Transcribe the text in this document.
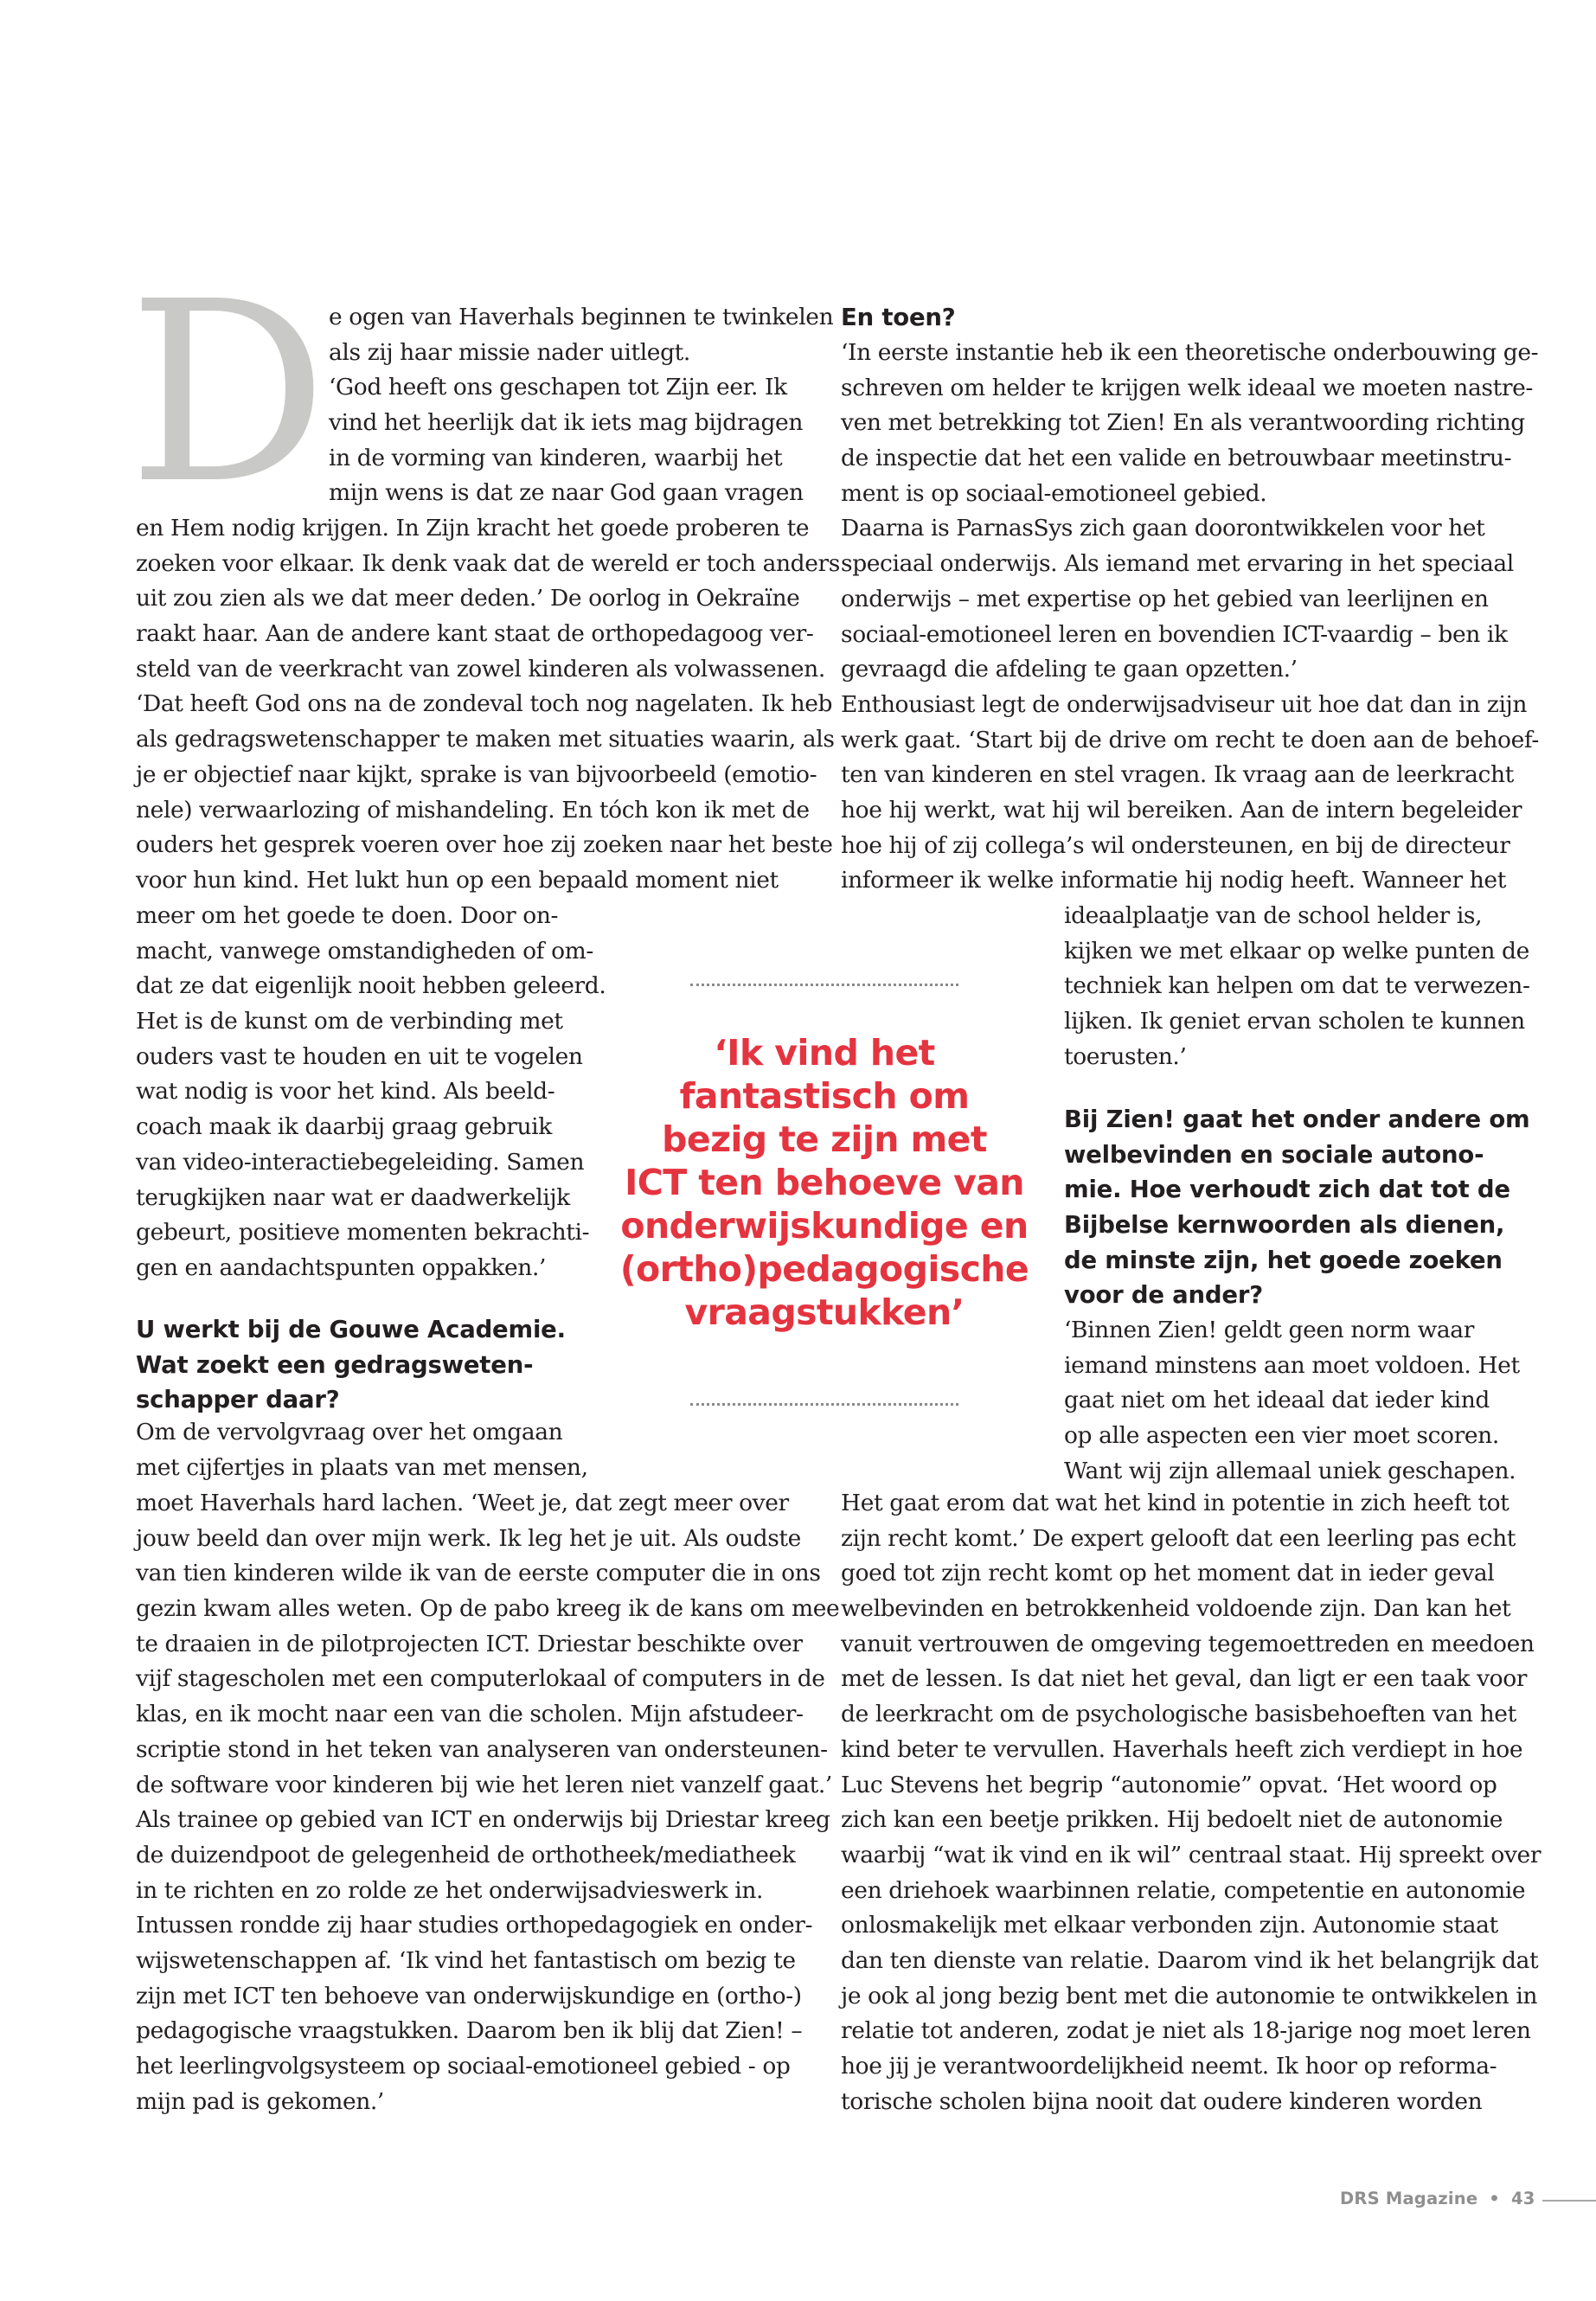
D e ogen van Haverhals beginnen te twinkelen
als zij haar missie nader uitlegt.
‘God heeft ons geschapen tot Zijn eer. Ik
vind het heerlijk dat ik iets mag bijdragen
in de vorming van kinderen, waarbij het
mijn wens is dat ze naar God gaan vragen
en Hem nodig krijgen. In Zijn kracht het goede proberen te
zoeken voor elkaar. Ik denk vaak dat de wereld er toch anders
uit zou zien als we dat meer deden.’ De oorlog in Oekraïne
raakt haar. Aan de andere kant staat de orthopedagoog ver-
steld van de veerkracht van zowel kinderen als volwassenen.
‘Dat heeft God ons na de zondeval toch nog nagelaten. Ik heb
als gedragswetenschapper te maken met situaties waarin, als
je er objectief naar kijkt, sprake is van bijvoorbeeld (emotio-
nele) verwaarlozing of mishandeling. En tóch kon ik met de
ouders het gesprek voeren over hoe zij zoeken naar het beste
voor hun kind. Het lukt hun op een bepaald moment niet
meer om het goede te doen. Door on-
macht, vanwege omstandigheden of om-
dat ze dat eigenlijk nooit hebben geleerd.
Het is de kunst om de verbinding met
ouders vast te houden en uit te vogelen
wat nodig is voor het kind. Als beeld-
coach maak ik daarbij graag gebruik
van video-interactiebegeleiding. Samen
terugkijken naar wat er daadwerkelijk
gebeurt, positieve momenten bekrachti-
gen en aandachtspunten oppakken.’
U werkt bij de Gouwe Academie.
Wat zoekt een gedragsweten-
schapper daar?
Om de vervolgvraag over het omgaan
met cijfertjes in plaats van met mensen,
moet Haverhals hard lachen. ‘Weet je, dat zegt meer over
jouw beeld dan over mijn werk. Ik leg het je uit. Als oudste
van tien kinderen wilde ik van de eerste computer die in ons
gezin kwam alles weten. Op de pabo kreeg ik de kans om mee
te draaien in de pilotprojecten ICT. Driestar beschikte over
vijf stagescholen met een computerlokaal of computers in de
klas, en ik mocht naar een van die scholen. Mijn afstudeer-
scriptie stond in het teken van analyseren van ondersteunen-
de software voor kinderen bij wie het leren niet vanzelf gaat.’
Als trainee op gebied van ICT en onderwijs bij Driestar kreeg
de duizendpoot de gelegenheid de orthotheek/mediatheek
in te richten en zo rolde ze het onderwijsadvieswerk in.
Intussen rondde zij haar studies orthopedagogiek en onder-
wijswetenschappen af. ‘Ik vind het fantastisch om bezig te
zijn met ICT ten behoeve van onderwijskundige en (ortho-)
pedagogische vraagstukken. Daarom ben ik blij dat Zien! –
het leerlingvolgsysteem op sociaal-emotioneel gebied - op
mijn pad is gekomen.’
En toen?
‘In eerste instantie heb ik een theoretische onderbouwing ge-
schreven om helder te krijgen welk ideaal we moeten nastre-
ven met betrekking tot Zien! En als verantwoording richting
de inspectie dat het een valide en betrouwbaar meetinstru-
ment is op sociaal-emotioneel gebied.
Daarna is ParnasSys zich gaan doorontwikkelen voor het
speciaal onderwijs. Als iemand met ervaring in het speciaal
onderwijs – met expertise op het gebied van leerlijnen en
sociaal-emotioneel leren en bovendien ICT-vaardig – ben ik
gevraagd die afdeling te gaan opzetten.’
Enthousiast legt de onderwijsadviseur uit hoe dat dan in zijn
werk gaat. ‘Start bij de drive om recht te doen aan de behoef-
ten van kinderen en stel vragen. Ik vraag aan de leerkracht
hoe hij werkt, wat hij wil bereiken. Aan de intern begeleider
hoe hij of zij collega’s wil ondersteunen, en bij de directeur
informeer ik welke informatie hij nodig heeft. Wanneer het
ideaalplaatje van de school helder is,
kijken we met elkaar op welke punten de
techniek kan helpen om dat te verwezen-
lijken. Ik geniet ervan scholen te kunnen
toerusten.’
Bij Zien! gaat het onder andere om
welbevinden en sociale autono-
mie. Hoe verhoudt zich dat tot de
Bijbelse kernwoorden als dienen,
de minste zijn, het goede zoeken
voor de ander?
‘Binnen Zien! geldt geen norm waar
iemand minstens aan moet voldoen. Het
gaat niet om het ideaal dat ieder kind
op alle aspecten een vier moet scoren.
Want wij zijn allemaal uniek geschapen.
Het gaat erom dat wat het kind in potentie in zich heeft tot
zijn recht komt.’ De expert gelooft dat een leerling pas echt
goed tot zijn recht komt op het moment dat in ieder geval
welbevinden en betrokkenheid voldoende zijn. Dan kan het
vanuit vertrouwen de omgeving tegemoettreden en meedoen
met de lessen. Is dat niet het geval, dan ligt er een taak voor
de leerkracht om de psychologische basisbehoeften van het
kind beter te vervullen. Haverhals heeft zich verdiept in hoe
Luc Stevens het begrip “autonomie” opvat. ‘Het woord op
zich kan een beetje prikken. Hij bedoelt niet de autonomie
waarbij “wat ik vind en ik wil” centraal staat. Hij spreekt over
een driehoek waarbinnen relatie, competentie en autonomie
onlosmakelijk met elkaar verbonden zijn. Autonomie staat
dan ten dienste van relatie. Daarom vind ik het belangrijk dat
je ook al jong bezig bent met die autonomie te ontwikkelen in
relatie tot anderen, zodat je niet als 18-jarige nog moet leren
hoe jij je verantwoordelijkheid neemt. Ik hoor op reforma-
torische scholen bijna nooit dat oudere kinderen worden
‘Ik vind het
fantastisch om
bezig te zijn met
ICT ten behoeve van
onderwijskundige en
(ortho)pedagogische
vraagstukken’
DRS Magazine • 43
